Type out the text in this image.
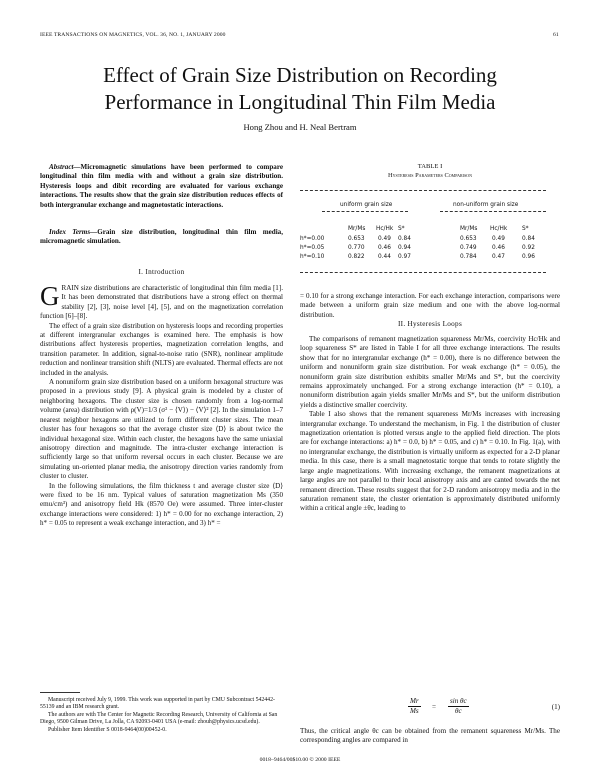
IEEE TRANSACTIONS ON MAGNETICS, VOL. 36, NO. 1, JANUARY 2000	61
Effect of Grain Size Distribution on Recording
Performance in Longitudinal Thin Film Media
Hong Zhou and H. Neal Bertram

Abstract—Micromagnetic simulations have been performed to compare longitudinal thin film media with and without a grain size distribution. Hysteresis loops and dibit recording are evaluated for various exchange interactions. The results show that the grain size distribution reduces effects of both intergranular exchange and magnetostatic interactions.

Index Terms—Grain size distribution, longitudinal thin film media, micromagnetic simulation.

I. Introduction

GRAIN size distributions are characteristic of longitudinal thin film media [1]. It has been demonstrated that distributions have a strong effect on thermal stability [2], [3], noise level [4], [5], and on the magnetization correlation function [6]–[8].

The effect of a grain size distribution on hysteresis loops and recording properties at different intergranular exchanges is examined here. The emphasis is how distributions affect hysteresis properties, magnetization correlation lengths, and transition parameter. In addition, signal-to-noise ratio (SNR), nonlinear amplitude reduction and nonlinear transition shift (NLTS) are evaluated. Thermal effects are not included in the analysis.

A nonuniform grain size distribution based on a uniform hexagonal structure was proposed in a previous study [9]. A physical grain is modeled by a cluster of neighboring hexagons. The cluster size is chosen randomly from a log-normal volume (area) distribution with ρ(V)=1/3 (σ² − ⟨V⟩) − ⟨V⟩² [2]. In the simulation 1–7 nearest neighbor hexagons are utilized to form different cluster sizes. The mean cluster has four hexagons so that the average cluster size ⟨D⟩ is about twice the individual hexagonal size. Within each cluster, the hexagons have the same uniaxial anisotropy direction and magnitude. The intra-cluster exchange interaction is sufficiently large so that uniform reversal occurs in each cluster. Because we are simulating un-oriented planar media, the anisotropy direction varies randomly from cluster to cluster.

In the following simulations, the film thickness t and average cluster size ⟨D⟩ were fixed to be 16 nm. Typical values of saturation magnetization Ms (350 emu/cm³) and anisotropy field Hk (8570 Oe) were assumed. Three inter-cluster exchange interactions were considered: 1) h* = 0.00 for no exchange interaction, 2) h* = 0.05 to represent a weak exchange interaction, and 3) h* =

Manuscript received July 9, 1999. This work was supported in part by CMU Subcontract 542442-55139 and an IBM research grant.

The authors are with The Center for Magnetic Recording Research, University of California at San Diego, 9500 Gilman Drive, La Jolla, CA 92093-0401 USA (e-mail: zhouh@physics.ucsd.edu).

Publisher Item Identifier S 0018-9464(00)00452-0.

TABLE I
Hysteresis Parameters Comparison
uniform grain size	non-uniform grain size
Mr/Ms Hc/Hk S*	Mr/Ms Hc/Hk	S*
h*=0.00	0.653 0.49 0.84	0.653	0.49	0.84
h*=0.05	0.770 0.46 0.94	0.749	0.46	0.92
h*=0.10	0.822 0.44 0.97	0.784	0.47	0.96

= 0.10 for a strong exchange interaction. For each exchange interaction, comparisons were made between a uniform grain size medium and one with the above log-normal distribution.

II. Hysteresis Loops

The comparisons of remanent magnetization squareness Mr/Ms, coercivity Hc/Hk and loop squareness S* are listed in Table I for all three exchange interactions. The results show that for no intergranular exchange (h* = 0.00), there is no difference between the uniform and nonuniform grain size distribution. For weak exchange (h* = 0.05), the nonuniform grain size distribution exhibits smaller Mr/Ms and S*, but the coercivity remains approximately unchanged. For a strong exchange interaction (h* = 0.10), a nonuniform distribution again yields smaller Mr/Ms and S*, but the uniform distribution yields a distinctive smaller coercivity.

Table I also shows that the remanent squareness Mr/Ms increases with increasing intergranular exchange. To understand the mechanism, in Fig. 1 the distribution of cluster magnetization orientation is plotted versus angle to the applied field direction. The plots are for exchange interactions: a) h* = 0.0, b) h* = 0.05, and c) h* = 0.10. In Fig. 1(a), with no intergranular exchange, the distribution is virtually uniform as expected for a 2-D planar media. In this case, there is a small magnetostatic torque that tends to rotate slightly the large angle magnetizations. With increasing exchange, the remanent magnetizations at large angles are not parallel to their local anisotropy axis and are canted towards the net remanent direction. These results suggest that for 2-D random anisotropy media and in the saturation remanent state, the cluster orientation is approximately distributed uniformly within a critical angle ±θc, leading to

$\frac{Mr}{Ms} = \frac{\text{sin θc}}{\theta c}$	(1)

Thus, the critical angle θc can be obtained from the remanent squareness Mr/Ms. The corresponding angles are compared in

0018–9464/00$10.00 © 2000 IEEE
